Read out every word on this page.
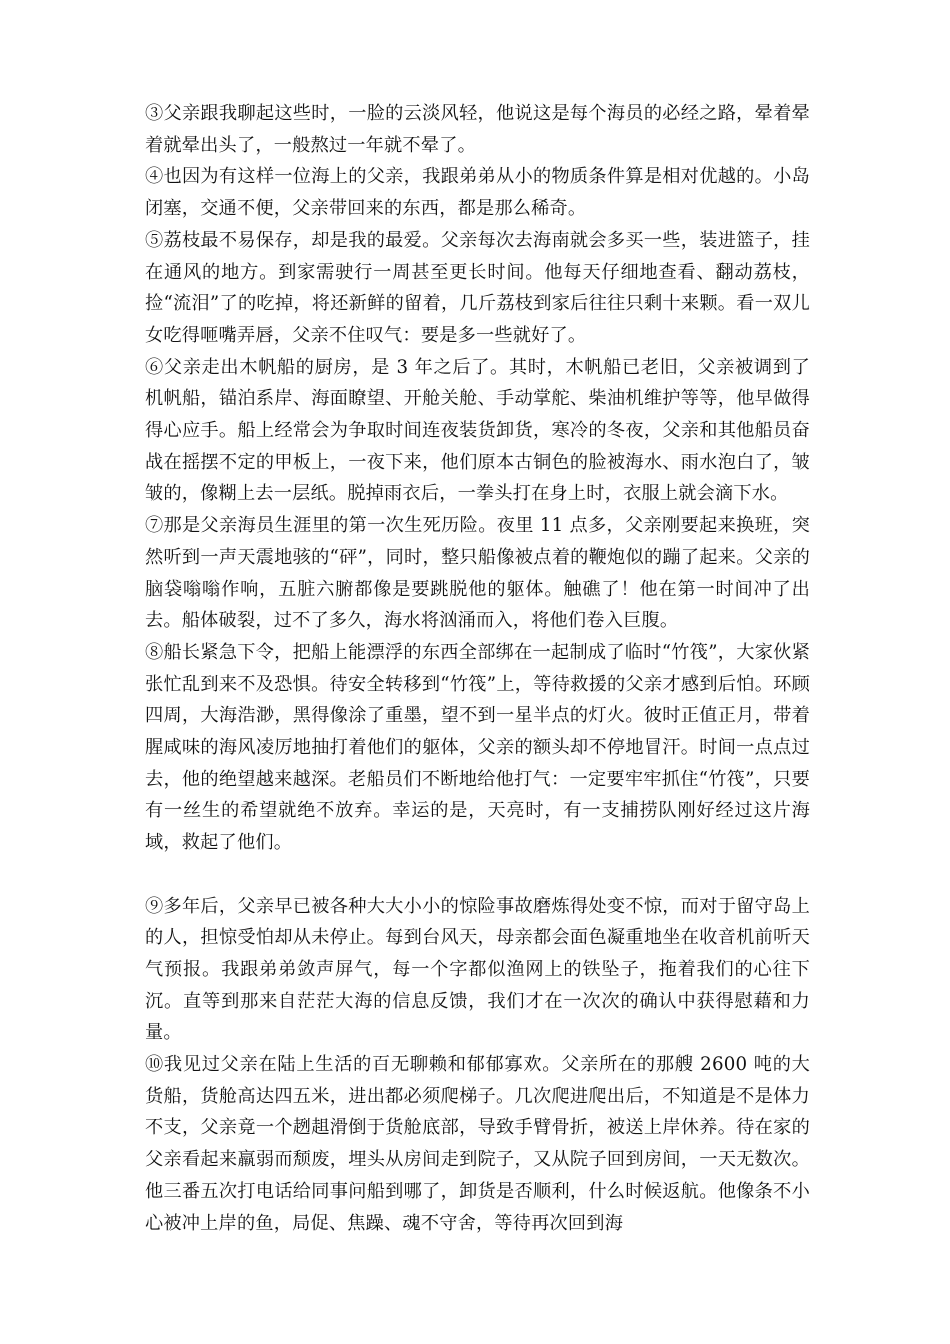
③父亲跟我聊起这些时，一脸的云淡风轻，他说这是每个海员的必经之路，晕着晕着就晕出头了，一般熬过一年就不晕了。

④也因为有这样一位海上的父亲，我跟弟弟从小的物质条件算是相对优越的。小岛闭塞，交通不便，父亲带回来的东西，都是那么稀奇。

⑤荔枝最不易保存，却是我的最爱。父亲每次去海南就会多买一些，装进篮子，挂在通风的地方。到家需驶行一周甚至更长时间。他每天仔细地查看、翻动荔枝，捡“流泪”了的吃掉，将还新鲜的留着，几斤荔枝到家后往往只剩十来颗。看一双儿女吃得咂嘴弄唇，父亲不住叹气：要是多一些就好了。

⑥父亲走出木帆船的厨房，是 3 年之后了。其时，木帆船已老旧，父亲被调到了机帆船，锚泊系岸、海面瞭望、开舱关舱、手动掌舵、柴油机维护等等，他早做得得心应手。船上经常会为争取时间连夜装货卸货，寒冷的冬夜，父亲和其他船员奋战在摇摆不定的甲板上，一夜下来，他们原本古铜色的脸被海水、雨水泡白了，皱皱的，像糊上去一层纸。脱掉雨衣后，一拳头打在身上时，衣服上就会滴下水。

⑦那是父亲海员生涯里的第一次生死历险。夜里 11 点多，父亲刚要起来换班，突然听到一声天震地骇的“砰”，同时，整只船像被点着的鞭炮似的蹦了起来。父亲的脑袋嗡嗡作响，五脏六腑都像是要跳脱他的躯体。触礁了！他在第一时间冲了出去。船体破裂，过不了多久，海水将汹涌而入，将他们卷入巨腹。

⑧船长紧急下令，把船上能漂浮的东西全部绑在一起制成了临时“竹筏”，大家伙紧张忙乱到来不及恐惧。待安全转移到“竹筏”上，等待救援的父亲才感到后怕。环顾四周，大海浩渺，黑得像涂了重墨，望不到一星半点的灯火。彼时正值正月，带着腥咸味的海风凌厉地抽打着他们的躯体，父亲的额头却不停地冒汗。时间一点点过去，他的绝望越来越深。老船员们不断地给他打气：一定要牢牢抓住“竹筏”，只要有一丝生的希望就绝不放弃。幸运的是，天亮时，有一支捕捞队刚好经过这片海域，救起了他们。

⑨多年后，父亲早已被各种大大小小的惊险事故磨炼得处变不惊，而对于留守岛上的人，担惊受怕却从未停止。每到台风天，母亲都会面色凝重地坐在收音机前听天气预报。我跟弟弟敛声屏气，每一个字都似渔网上的铁坠子，拖着我们的心往下沉。直等到那来自茫茫大海的信息反馈，我们才在一次次的确认中获得慰藉和力量。

⑩我见过父亲在陆上生活的百无聊赖和郁郁寡欢。父亲所在的那艘 2600 吨的大货船，货舱高达四五米，进出都必须爬梯子。几次爬进爬出后，不知道是不是体力不支，父亲竟一个趔趄滑倒于货舱底部，导致手臂骨折，被送上岸休养。待在家的父亲看起来羸弱而颓废，埋头从房间走到院子，又从院子回到房间，一天无数次。他三番五次打电话给同事问船到哪了，卸货是否顺利，什么时候返航。他像条不小心被冲上岸的鱼，局促、焦躁、魂不守舍，等待再次回到海
